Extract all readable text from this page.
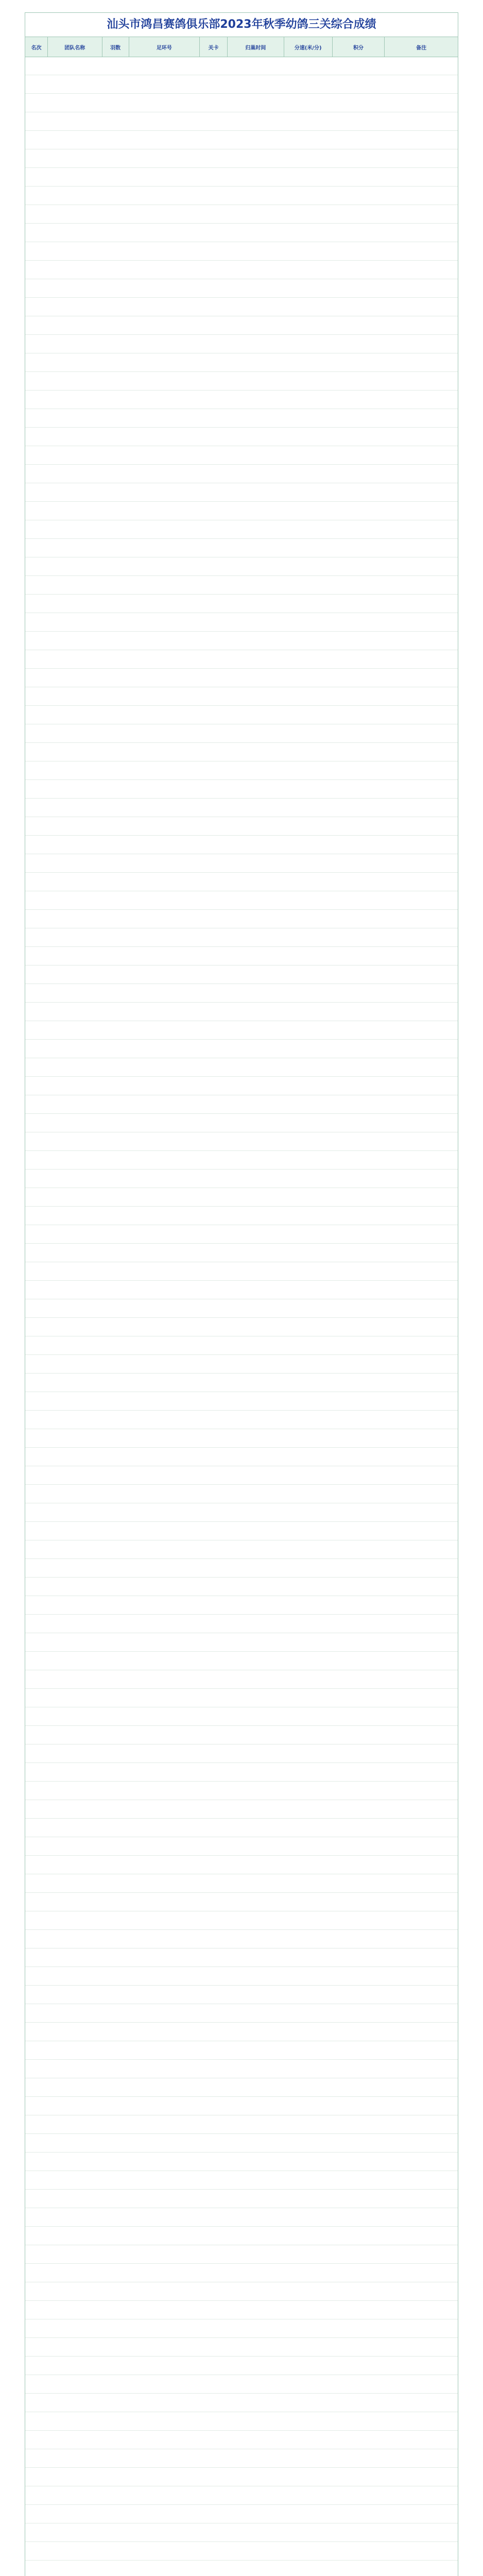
汕头市鸿昌赛鸽俱乐部2023年秋季幼鸽三关综合成绩
名次	团队名称	羽数	足环号	关卡	归巢时间	分速(米/分)	积分	备注
